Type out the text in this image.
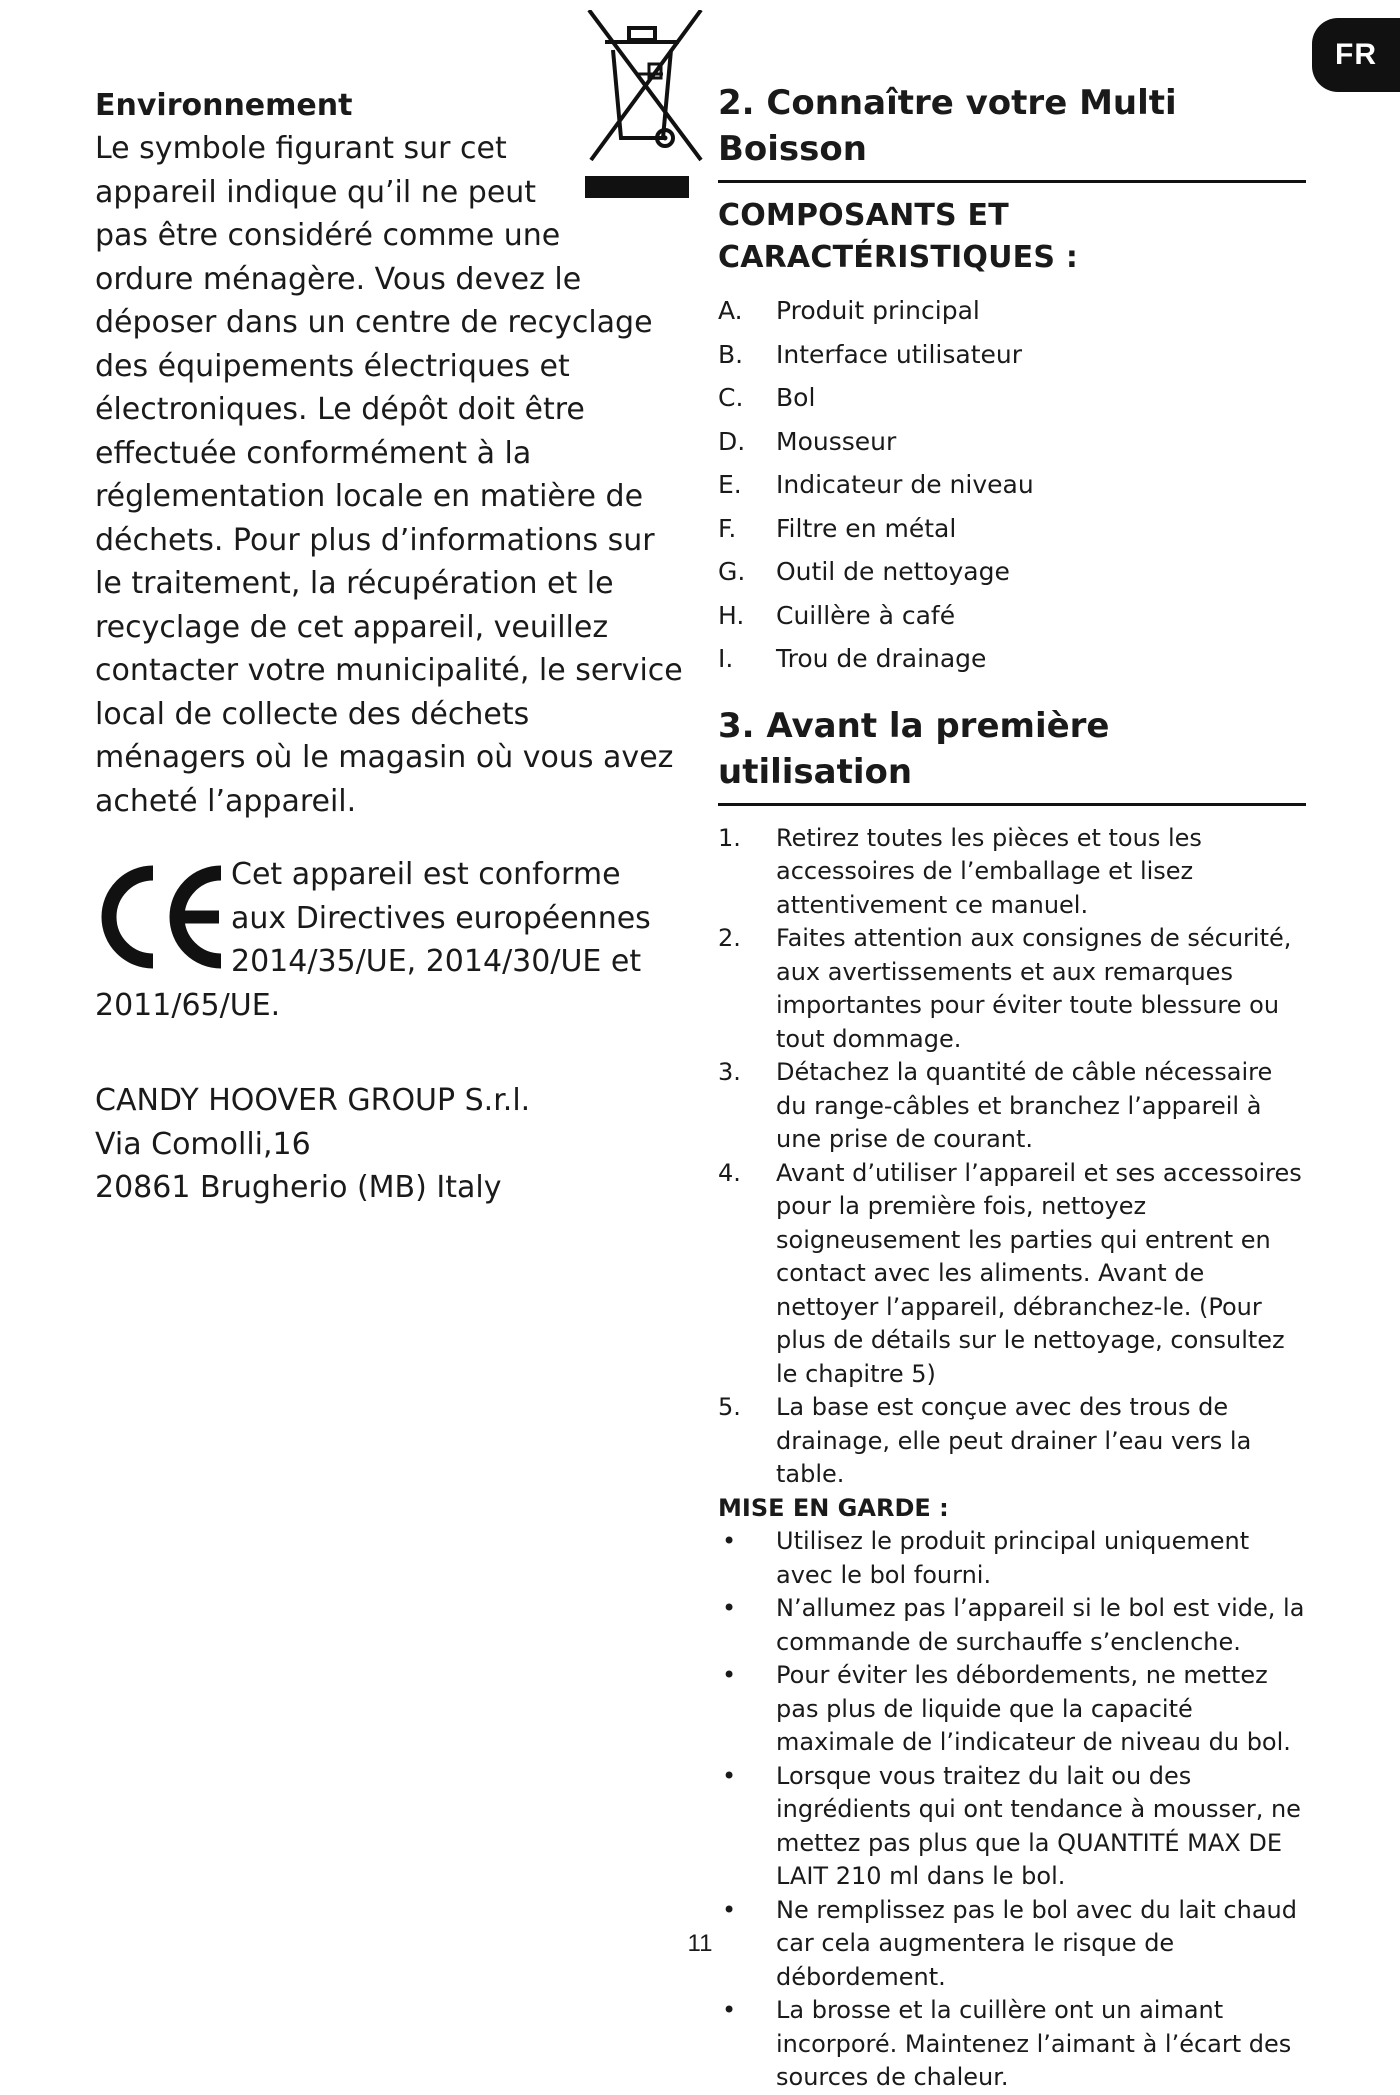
FR

Environnement

Le symbole figurant sur cet appareil indique qu’il ne peut pas être considéré comme une ordure ménagère. Vous devez le déposer dans un centre de recyclage des équipements électriques et électroniques. Le dépôt doit être effectuée conformément à la réglementation locale en matière de déchets. Pour plus d’informations sur le traitement, la récupération et le recyclage de cet appareil, veuillez contacter votre municipalité, le service local de collecte des déchets ménagers où le magasin où vous avez acheté l’appareil.

Cet appareil est conforme aux Directives européennes 2014/35/UE, 2014/30/UE et 2011/65/UE.

CANDY HOOVER GROUP S.r.l.
Via Comolli,16
20861 Brugherio (MB) Italy
2. Connaître votre Multi Boisson
COMPOSANTS ET CARACTÉRISTIQUES :
A.	Produit principal
B.	Interface utilisateur
C.	Bol
D.	Mousseur
E.	Indicateur de niveau
F.	Filtre en métal
G.	Outil de nettoyage
H.	Cuillère à café
I.	Trou de drainage
3. Avant la première utilisation
1.	Retirez toutes les pièces et tous les accessoires de l’emballage et lisez attentivement ce manuel.
2.	Faites attention aux consignes de sécurité, aux avertissements et aux remarques importantes pour éviter toute blessure ou tout dommage.
3.	Détachez la quantité de câble nécessaire du range-câbles et branchez l’appareil à une prise de courant.
4.	Avant d’utiliser l’appareil et ses accessoires pour la première fois, nettoyez soigneusement les parties qui entrent en contact avec les aliments. Avant de nettoyer l’appareil, débranchez-le. (Pour plus de détails sur le nettoyage, consultez le chapitre 5)
5.	La base est conçue avec des trous de drainage, elle peut drainer l’eau vers la table.

MISE EN GARDE :

•	Utilisez le produit principal uniquement avec le bol fourni.
•	N’allumez pas l’appareil si le bol est vide, la commande de surchauffe s’enclenche.
•	Pour éviter les débordements, ne mettez pas plus de liquide que la capacité maximale de l’indicateur de niveau du bol.
•	Lorsque vous traitez du lait ou des ingrédients qui ont tendance à mousser, ne mettez pas plus que la QUANTITÉ MAX DE LAIT 210 ml dans le bol.
•	Ne remplissez pas le bol avec du lait chaud car cela augmentera le risque de débordement.
•	La brosse et la cuillère ont un aimant incorporé. Maintenez l’aimant à l’écart des sources de chaleur.
11
